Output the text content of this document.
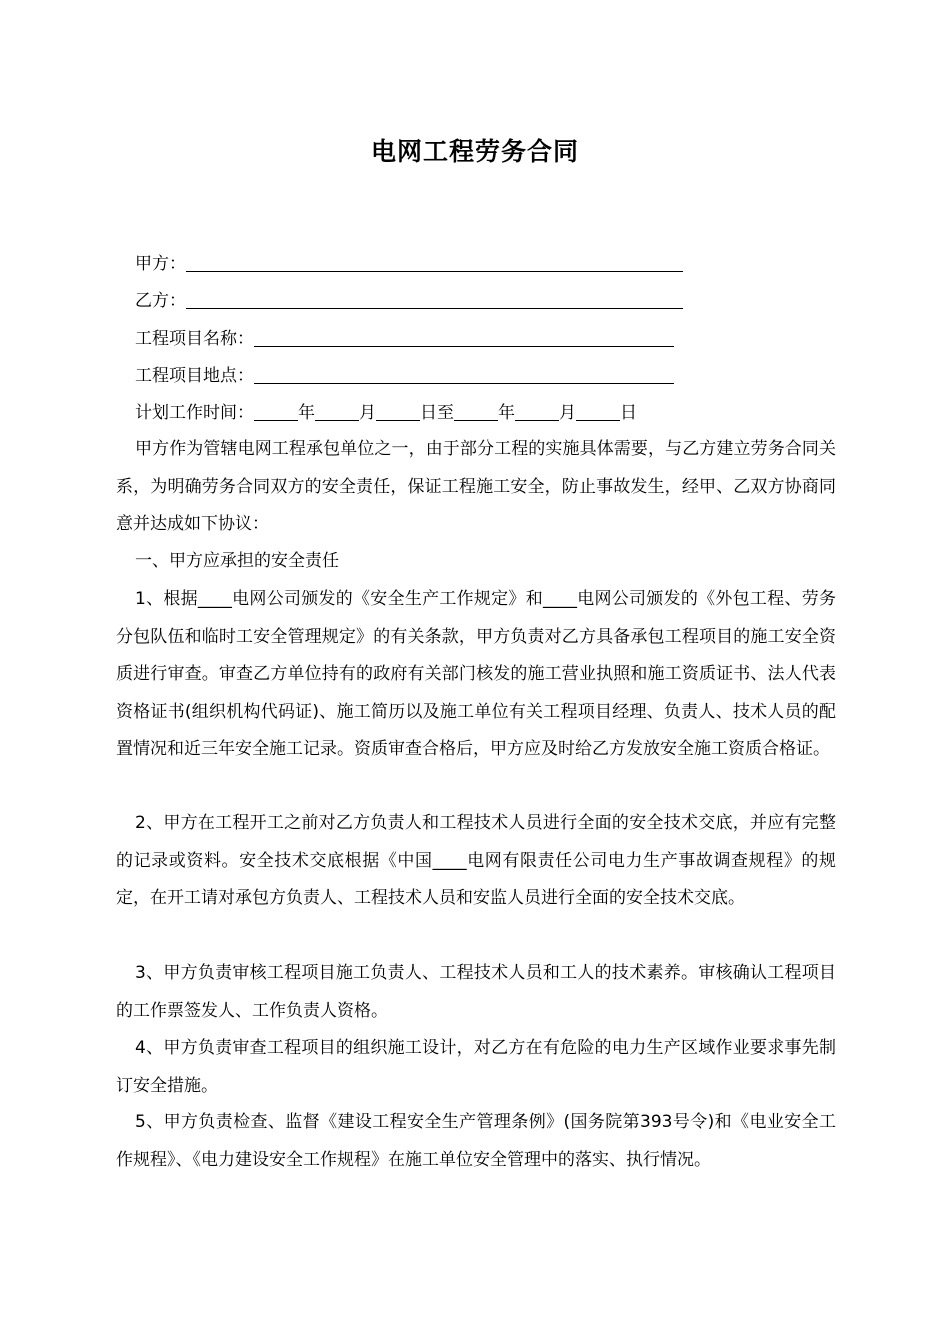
电网工程劳务合同
甲方：
乙方：
工程项目名称：
工程项目地点：
计划工作时间：	年	月	日至	年	月	日

甲方作为管辖电网工程承包单位之一，由于部分工程的实施具体需要，与乙方建立劳务合同关系，为明确劳务合同双方的安全责任，保证工程施工安全，防止事故发生，经甲、乙双方协商同意并达成如下协议：

一、甲方应承担的安全责任

1、根据____电网公司颁发的《安全生产工作规定》和____电网公司颁发的《外包工程、劳务分包队伍和临时工安全管理规定》的有关条款，甲方负责对乙方具备承包工程项目的施工安全资质进行审查。审查乙方单位持有的政府有关部门核发的施工营业执照和施工资质证书、法人代表资格证书(组织机构代码证)、施工简历以及施工单位有关工程项目经理、负责人、技术人员的配置情况和近三年安全施工记录。资质审查合格后，甲方应及时给乙方发放安全施工资质合格证。

2、甲方在工程开工之前对乙方负责人和工程技术人员进行全面的安全技术交底，并应有完整的记录或资料。安全技术交底根据《中国____电网有限责任公司电力生产事故调查规程》的规定，在开工请对承包方负责人、工程技术人员和安监人员进行全面的安全技术交底。

3、甲方负责审核工程项目施工负责人、工程技术人员和工人的技术素养。审核确认工程项目的工作票签发人、工作负责人资格。

4、甲方负责审查工程项目的组织施工设计，对乙方在有危险的电力生产区域作业要求事先制订安全措施。

5、甲方负责检查、监督《建设工程安全生产管理条例》(国务院第393号令)和《电业安全工作规程》、《电力建设安全工作规程》在施工单位安全管理中的落实、执行情况。
